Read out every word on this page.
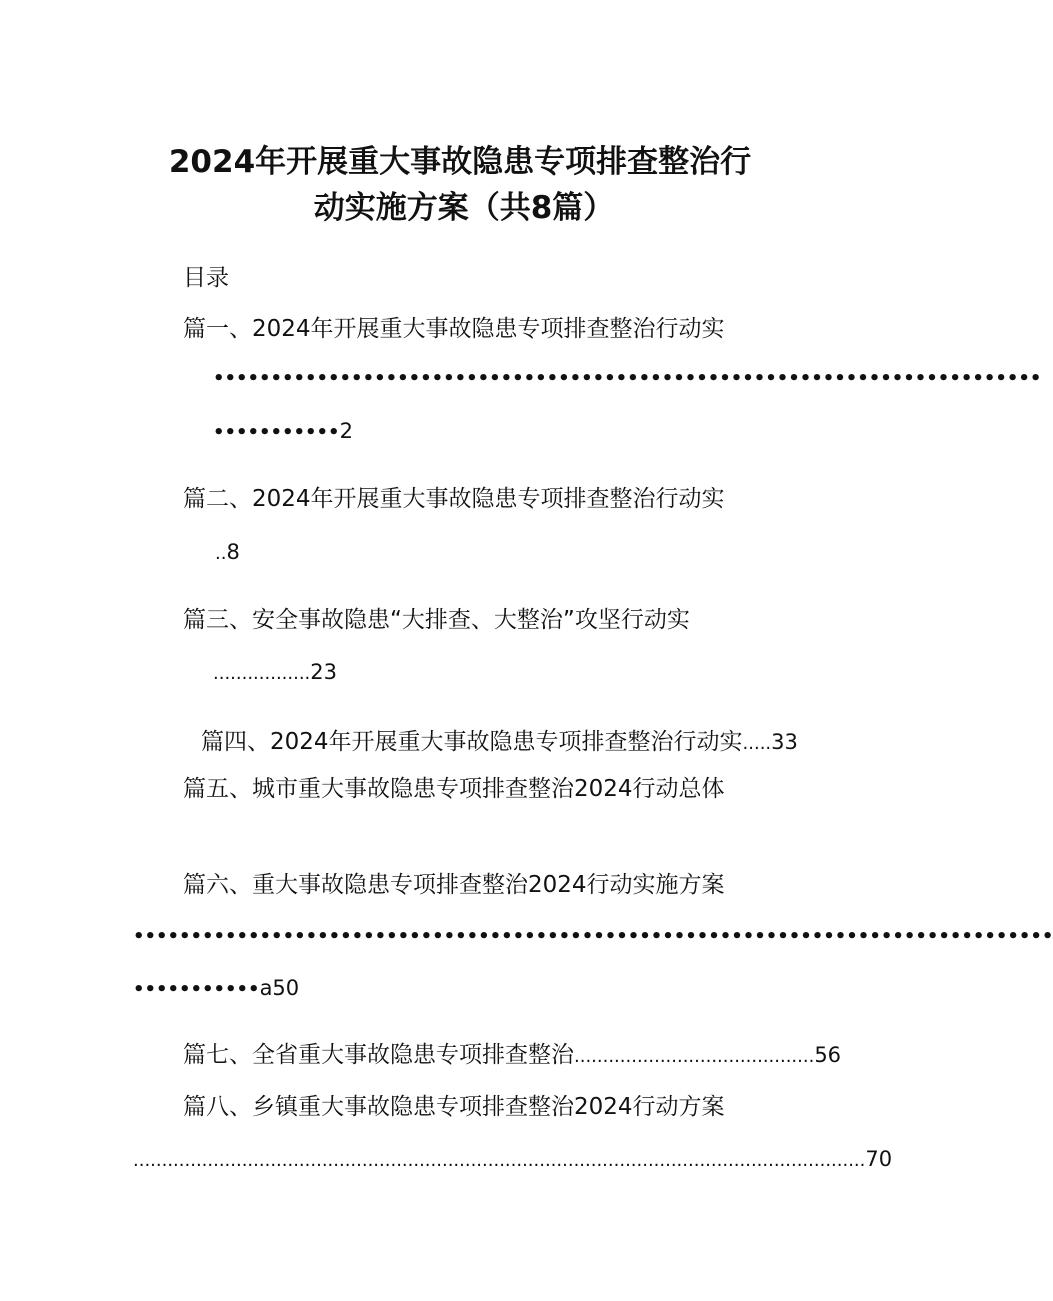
2024年开展重大事故隐患专项排查整治行
动实施方案（共8篇）
目录
篇一、2024年开展重大事故隐患专项排查整治行动实
••••••••••••••••••••••••••••••••••••••••••••••••••••••••••••••••••••••••
•••••••••••2
篇二、2024年开展重大事故隐患专项排查整治行动实
..8
篇三、安全事故隐患“大排查、大整治”攻坚行动实
.................23
篇四、2024年开展重大事故隐患专项排查整治行动实.....33
篇五、城市重大事故隐患专项排查整治2024行动总体
篇六、重大事故隐患专项排查整治2024行动实施方案
••••••••••••••••••••••••••••••••••••••••••••••••••••••••••••••••••••••••••••••••
•••••••••••a50
篇七、全省重大事故隐患专项排查整治..........................................56
篇八、乡镇重大事故隐患专项排查整治2024行动方案
................................................................................................................................70
